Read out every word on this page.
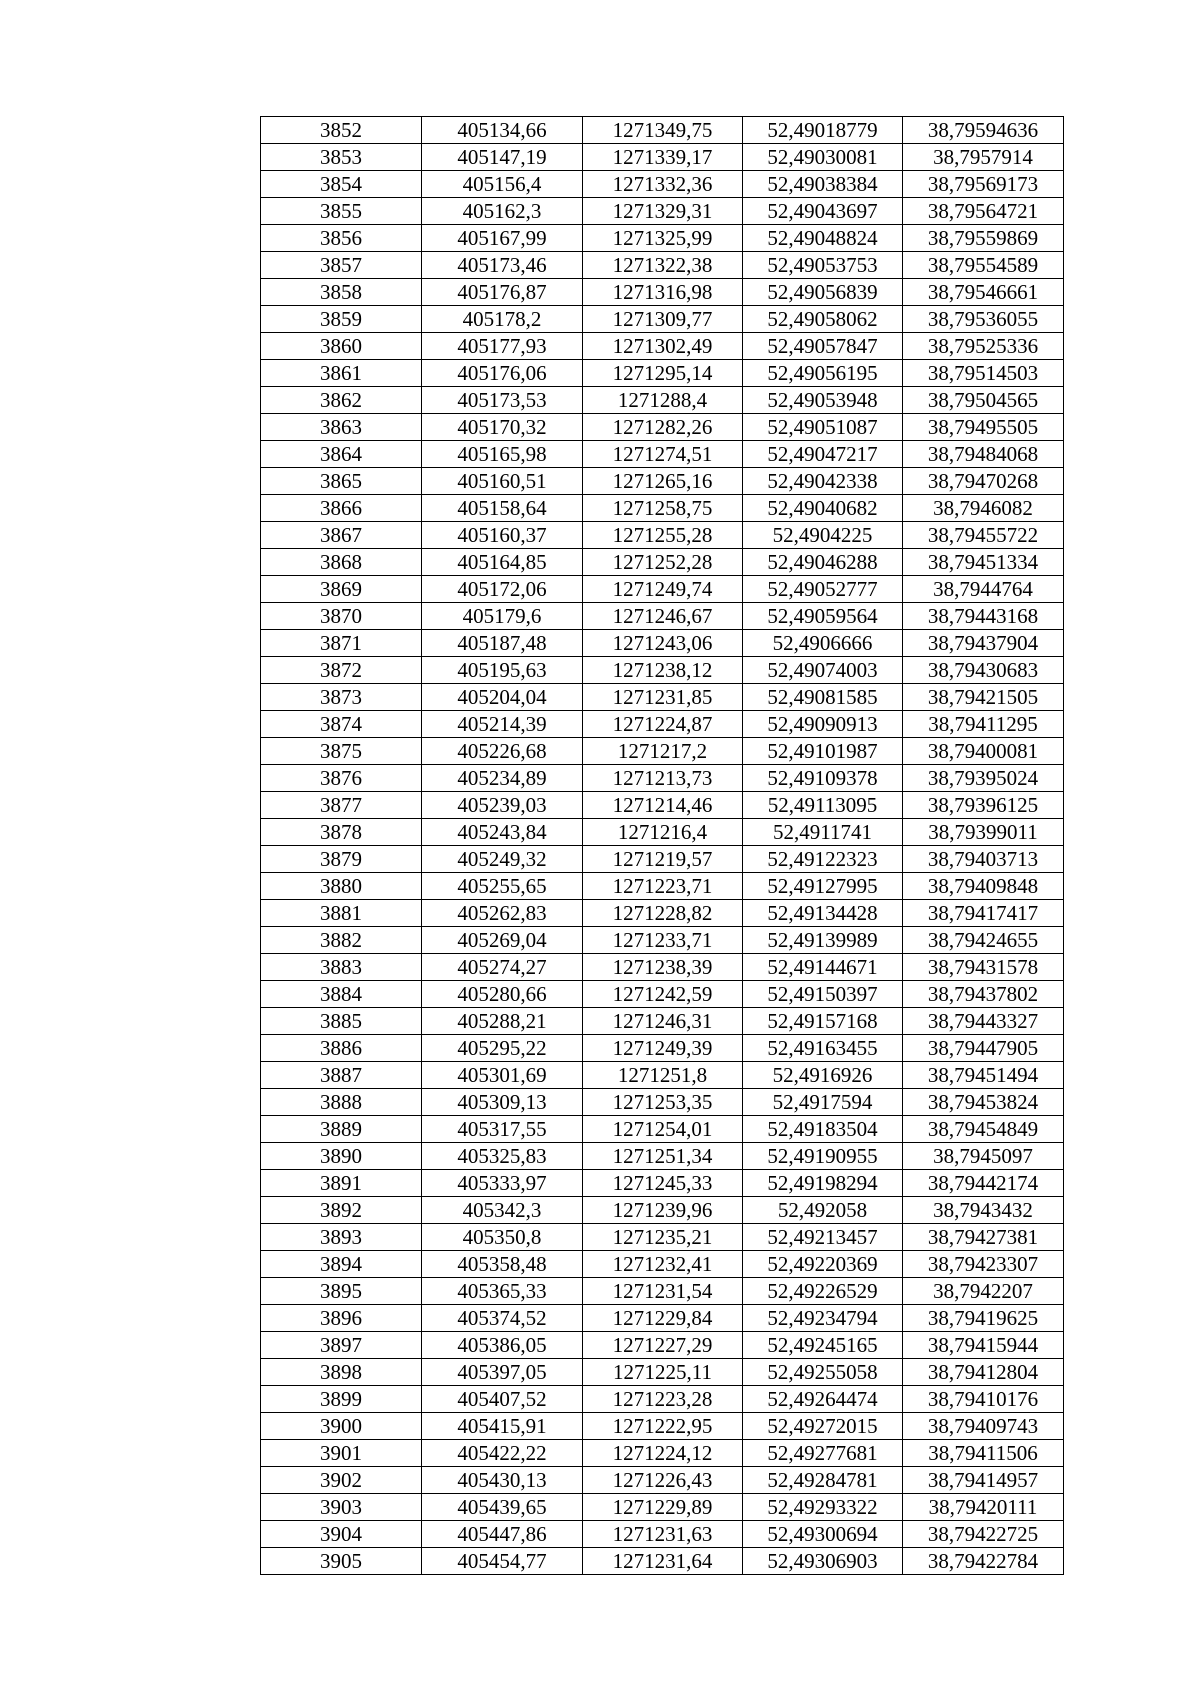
3852	405134,66	1271349,75	52,49018779	38,79594636
3853	405147,19	1271339,17	52,49030081	38,7957914
3854	405156,4	1271332,36	52,49038384	38,79569173
3855	405162,3	1271329,31	52,49043697	38,79564721
3856	405167,99	1271325,99	52,49048824	38,79559869
3857	405173,46	1271322,38	52,49053753	38,79554589
3858	405176,87	1271316,98	52,49056839	38,79546661
3859	405178,2	1271309,77	52,49058062	38,79536055
3860	405177,93	1271302,49	52,49057847	38,79525336
3861	405176,06	1271295,14	52,49056195	38,79514503
3862	405173,53	1271288,4	52,49053948	38,79504565
3863	405170,32	1271282,26	52,49051087	38,79495505
3864	405165,98	1271274,51	52,49047217	38,79484068
3865	405160,51	1271265,16	52,49042338	38,79470268
3866	405158,64	1271258,75	52,49040682	38,7946082
3867	405160,37	1271255,28	52,4904225	38,79455722
3868	405164,85	1271252,28	52,49046288	38,79451334
3869	405172,06	1271249,74	52,49052777	38,7944764
3870	405179,6	1271246,67	52,49059564	38,79443168
3871	405187,48	1271243,06	52,4906666	38,79437904
3872	405195,63	1271238,12	52,49074003	38,79430683
3873	405204,04	1271231,85	52,49081585	38,79421505
3874	405214,39	1271224,87	52,49090913	38,79411295
3875	405226,68	1271217,2	52,49101987	38,79400081
3876	405234,89	1271213,73	52,49109378	38,79395024
3877	405239,03	1271214,46	52,49113095	38,79396125
3878	405243,84	1271216,4	52,4911741	38,79399011
3879	405249,32	1271219,57	52,49122323	38,79403713
3880	405255,65	1271223,71	52,49127995	38,79409848
3881	405262,83	1271228,82	52,49134428	38,79417417
3882	405269,04	1271233,71	52,49139989	38,79424655
3883	405274,27	1271238,39	52,49144671	38,79431578
3884	405280,66	1271242,59	52,49150397	38,79437802
3885	405288,21	1271246,31	52,49157168	38,79443327
3886	405295,22	1271249,39	52,49163455	38,79447905
3887	405301,69	1271251,8	52,4916926	38,79451494
3888	405309,13	1271253,35	52,4917594	38,79453824
3889	405317,55	1271254,01	52,49183504	38,79454849
3890	405325,83	1271251,34	52,49190955	38,7945097
3891	405333,97	1271245,33	52,49198294	38,79442174
3892	405342,3	1271239,96	52,492058	38,7943432
3893	405350,8	1271235,21	52,49213457	38,79427381
3894	405358,48	1271232,41	52,49220369	38,79423307
3895	405365,33	1271231,54	52,49226529	38,7942207
3896	405374,52	1271229,84	52,49234794	38,79419625
3897	405386,05	1271227,29	52,49245165	38,79415944
3898	405397,05	1271225,11	52,49255058	38,79412804
3899	405407,52	1271223,28	52,49264474	38,79410176
3900	405415,91	1271222,95	52,49272015	38,79409743
3901	405422,22	1271224,12	52,49277681	38,79411506
3902	405430,13	1271226,43	52,49284781	38,79414957
3903	405439,65	1271229,89	52,49293322	38,79420111
3904	405447,86	1271231,63	52,49300694	38,79422725
3905	405454,77	1271231,64	52,49306903	38,79422784
